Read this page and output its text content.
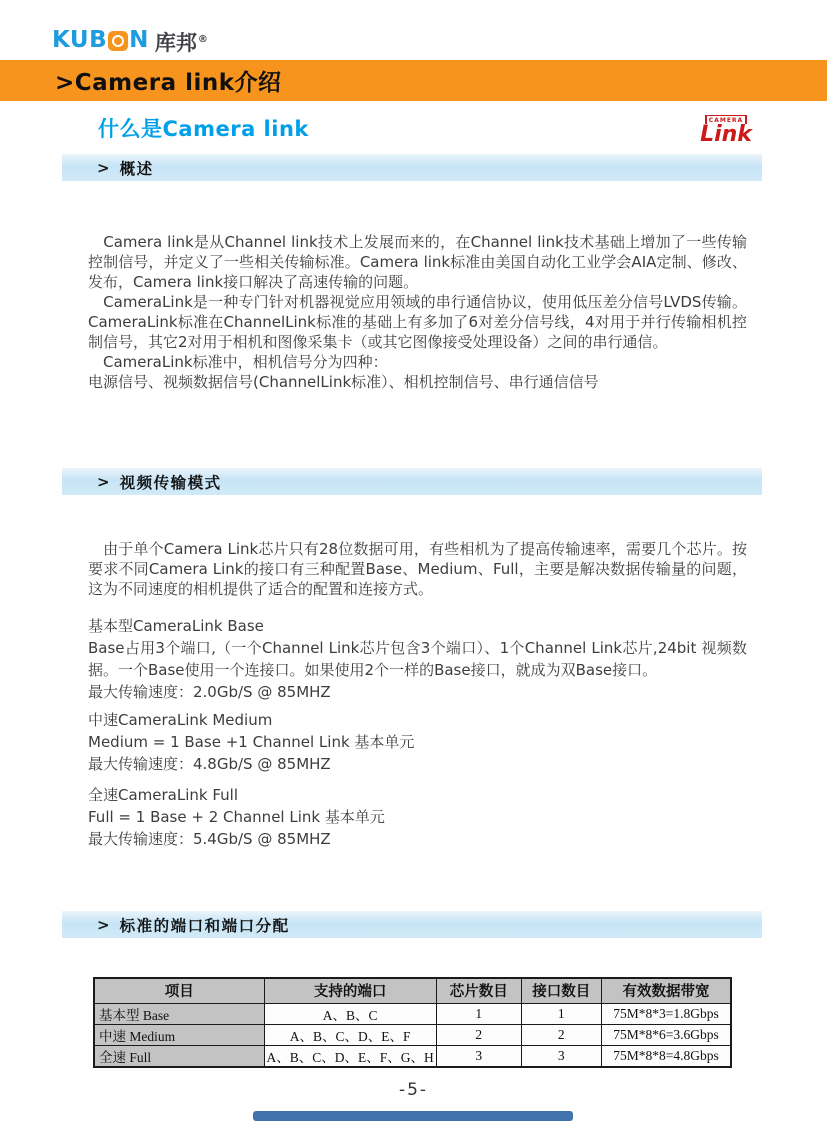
KUB N 库邦®
>Camera link介绍
什么是Camera link	CAMERA
Link
> 概述

　Camera link是从Channel link技术上发展而来的，在Channel link技术基础上增加了一些传输控制信号，并定义了一些相关传输标准。Camera link标准由美国自动化工业学会AIA定制、修改、发布，Camera link接口解决了高速传输的问题。

　CameraLink是一种专门针对机器视觉应用领域的串行通信协议，使用低压差分信号LVDS传输。CameraLink标准在ChannelLink标准的基础上有多加了6对差分信号线，4对用于并行传输相机控制信号，其它2对用于相机和图像采集卡（或其它图像接受处理设备）之间的串行通信。

　CameraLink标准中，相机信号分为四种：

电源信号、视频数据信号(ChannelLink标准）、相机控制信号、串行通信信号

> 视频传输模式

　由于单个Camera Link芯片只有28位数据可用，有些相机为了提高传输速率，需要几个芯片。按要求不同Camera Link的接口有三种配置Base、Medium、Full，主要是解决数据传输量的问题，这为不同速度的相机提供了适合的配置和连接方式。

基本型CameraLink Base

Base占用3个端口,（一个Channel Link芯片包含3个端口）、1个Channel Link芯片,24bit 视频数据。一个Base使用一个连接口。如果使用2个一样的Base接口，就成为双Base接口。

最大传输速度：2.0Gb/S @ 85MHZ

中速CameraLink Medium

Medium = 1 Base +1 Channel Link 基本单元

最大传输速度：4.8Gb/S @ 85MHZ

全速CameraLink Full

Full = 1 Base + 2 Channel Link 基本单元

最大传输速度：5.4Gb/S @ 85MHZ

> 标准的端口和端口分配
项目	支持的端口	芯片数目	接口数目	有效数据带宽
基本型 Base	A、B、C	1	1	75M*8*3=1.8Gbps
中速 Medium	A、B、C、D、E、F	2	2	75M*8*6=3.6Gbps
全速 Full	A、B、C、D、E、F、G、H	3	3	75M*8*8=4.8Gbps
-5-
